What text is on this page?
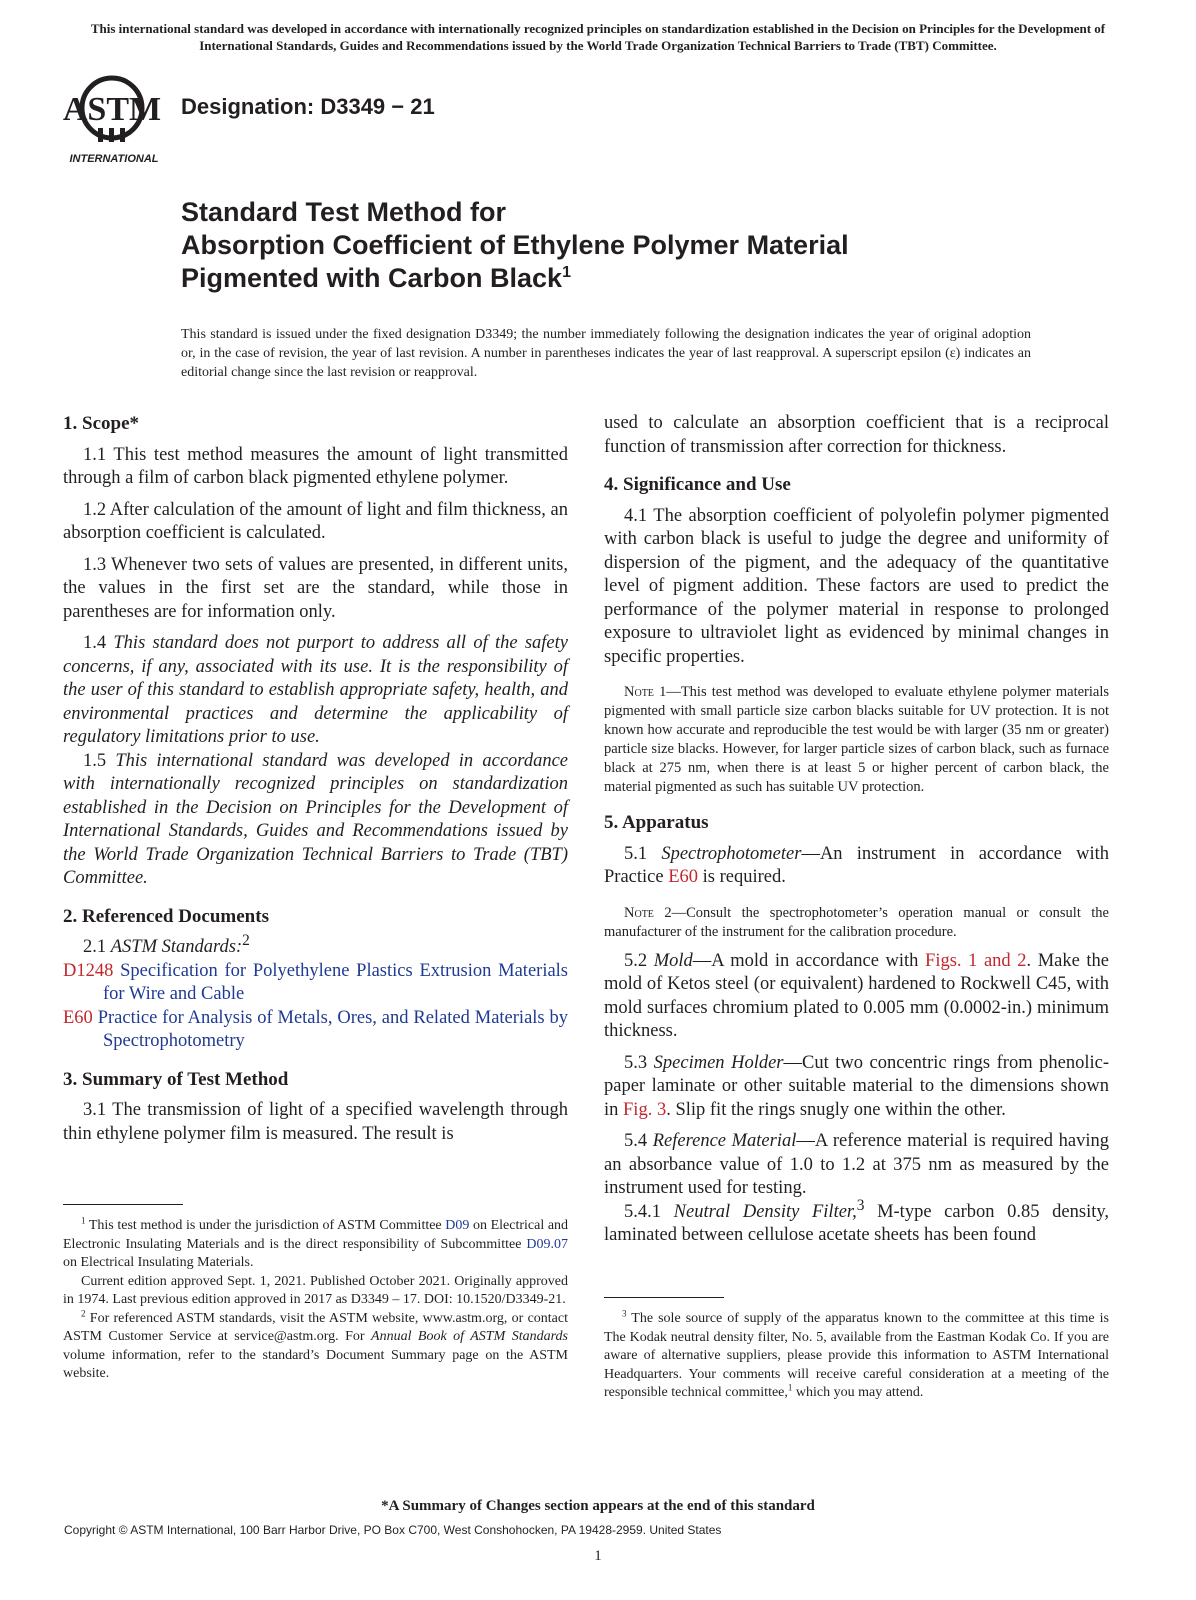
This international standard was developed in accordance with internationally recognized principles on standardization established in the Decision on Principles for the Development of International Standards, Guides and Recommendations issued by the World Trade Organization Technical Barriers to Trade (TBT) Committee.
ASTM
INTERNATIONAL
Designation: D3349 − 21
Standard Test Method for
Absorption Coefficient of Ethylene Polymer Material
Pigmented with Carbon Black$^1$
This standard is issued under the fixed designation D3349; the number immediately following the designation indicates the year of original adoption or, in the case of revision, the year of last revision. A number in parentheses indicates the year of last reapproval. A superscript epsilon (ε) indicates an editorial change since the last revision or reapproval.
1. Scope*

1.1 This test method measures the amount of light transmitted through a film of carbon black pigmented ethylene polymer.

1.2 After calculation of the amount of light and film thickness, an absorption coefficient is calculated.

1.3 Whenever two sets of values are presented, in different units, the values in the first set are the standard, while those in parentheses are for information only.

1.4 This standard does not purport to address all of the safety concerns, if any, associated with its use. It is the responsibility of the user of this standard to establish appropriate safety, health, and environmental practices and determine the applicability of regulatory limitations prior to use.

1.5 This international standard was developed in accordance with internationally recognized principles on standardization established in the Decision on Principles for the Development of International Standards, Guides and Recommendations issued by the World Trade Organization Technical Barriers to Trade (TBT) Committee.

2. Referenced Documents

2.1 ASTM Standards:$^2$

D1248 Specification for Polyethylene Plastics Extrusion Materials for Wire and Cable

E60 Practice for Analysis of Metals, Ores, and Related Materials by Spectrophotometry

3. Summary of Test Method

3.1 The transmission of light of a specified wavelength through thin ethylene polymer film is measured. The result is

$^1$ This test method is under the jurisdiction of ASTM Committee D09 on Electrical and Electronic Insulating Materials and is the direct responsibility of Subcommittee D09.07 on Electrical Insulating Materials.

Current edition approved Sept. 1, 2021. Published October 2021. Originally approved in 1974. Last previous edition approved in 2017 as D3349 – 17. DOI: 10.1520/D3349-21.

$^2$ For referenced ASTM standards, visit the ASTM website, www.astm.org, or contact ASTM Customer Service at service@astm.org. For Annual Book of ASTM Standards volume information, refer to the standard’s Document Summary page on the ASTM website.

used to calculate an absorption coefficient that is a reciprocal function of transmission after correction for thickness.

4. Significance and Use

4.1 The absorption coefficient of polyolefin polymer pigmented with carbon black is useful to judge the degree and uniformity of dispersion of the pigment, and the adequacy of the quantitative level of pigment addition. These factors are used to predict the performance of the polymer material in response to prolonged exposure to ultraviolet light as evidenced by minimal changes in specific properties.

Note 1—This test method was developed to evaluate ethylene polymer materials pigmented with small particle size carbon blacks suitable for UV protection. It is not known how accurate and reproducible the test would be with larger (35 nm or greater) particle size blacks. However, for larger particle sizes of carbon black, such as furnace black at 275 nm, when there is at least 5 or higher percent of carbon black, the material pigmented as such has suitable UV protection.

5. Apparatus

5.1 Spectrophotometer—An instrument in accordance with Practice E60 is required.

Note 2—Consult the spectrophotometer’s operation manual or consult the manufacturer of the instrument for the calibration procedure.

5.2 Mold—A mold in accordance with Figs. 1 and 2. Make the mold of Ketos steel (or equivalent) hardened to Rockwell C45, with mold surfaces chromium plated to 0.005 mm (0.0002-in.) minimum thickness.

5.3 Specimen Holder—Cut two concentric rings from phenolic-paper laminate or other suitable material to the dimensions shown in Fig. 3. Slip fit the rings snugly one within the other.

5.4 Reference Material—A reference material is required having an absorbance value of 1.0 to 1.2 at 375 nm as measured by the instrument used for testing.

5.4.1 Neutral Density Filter,$^3$ M-type carbon 0.85 density, laminated between cellulose acetate sheets has been found

$^3$ The sole source of supply of the apparatus known to the committee at this time is The Kodak neutral density filter, No. 5, available from the Eastman Kodak Co. If you are aware of alternative suppliers, please provide this information to ASTM International Headquarters. Your comments will receive careful consideration at a meeting of the responsible technical committee,$^1$ which you may attend.

*A Summary of Changes section appears at the end of this standard
Copyright © ASTM International, 100 Barr Harbor Drive, PO Box C700, West Conshohocken, PA 19428-2959. United States
1
